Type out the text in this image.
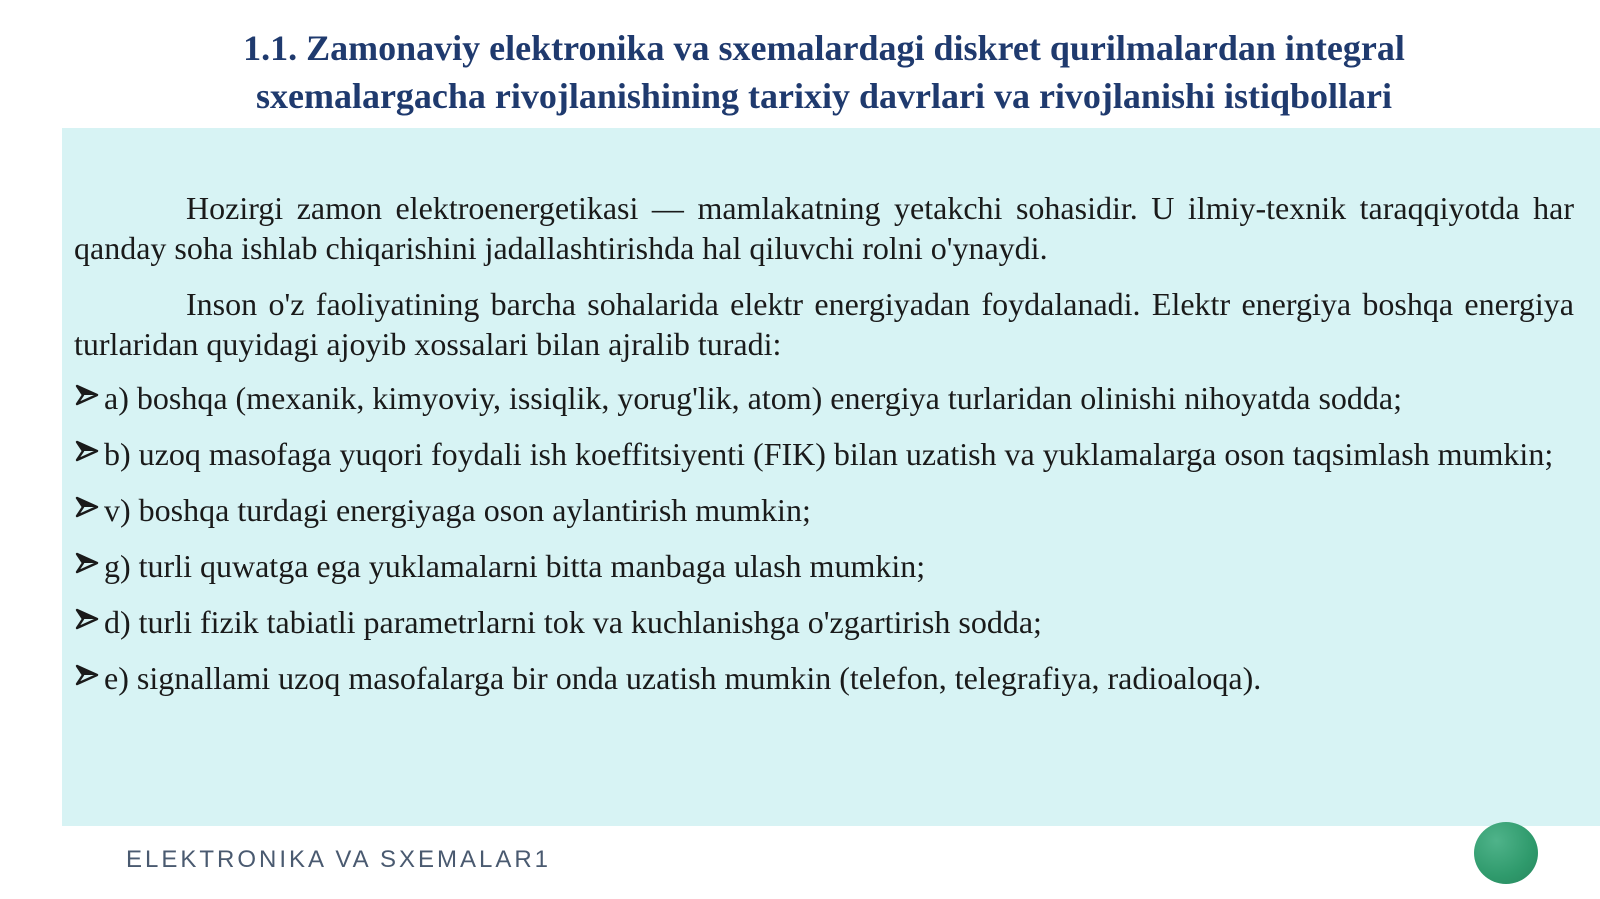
1.1. Zamonaviy elektronika va sxemalardagi diskret qurilmalardan integral
sxemalargacha rivojlanishining tarixiy davrlari va rivojlanishi istiqbollari

Hozirgi zamon elektroenergetikasi — mamlakatning yetakchi sohasidir. U ilmiy-texnik taraqqiyotda har qanday soha ishlab chiqarishini jadallashtirishda hal qiluvchi rolni o'ynaydi.

Inson o'z faoliyatining barcha sohalarida elektr energiyadan foydalanadi. Elektr energiya boshqa energiya turlaridan quyidagi ajoyib xossalari bilan ajralib turadi:

a) boshqa (mexanik, kimyoviy, issiqlik, yorug'lik, atom) energiya turlaridan olinishi nihoyatda sodda;
b) uzoq masofaga yuqori foydali ish koeffitsiyenti (FIK) bilan uzatish va yuklamalarga oson taqsimlash mumkin;
v) boshqa turdagi energiyaga oson aylantirish mumkin;
g) turli quwatga ega yuklamalarni bitta manbaga ulash mumkin;
d) turli fizik tabiatli parametrlarni tok va kuchlanishga o'zgartirish sodda;
e) signallami uzoq masofalarga bir onda uzatish mumkin (telefon, telegrafiya, radioaloqa).
ELEKTRONIKA VA SXEMALAR1
